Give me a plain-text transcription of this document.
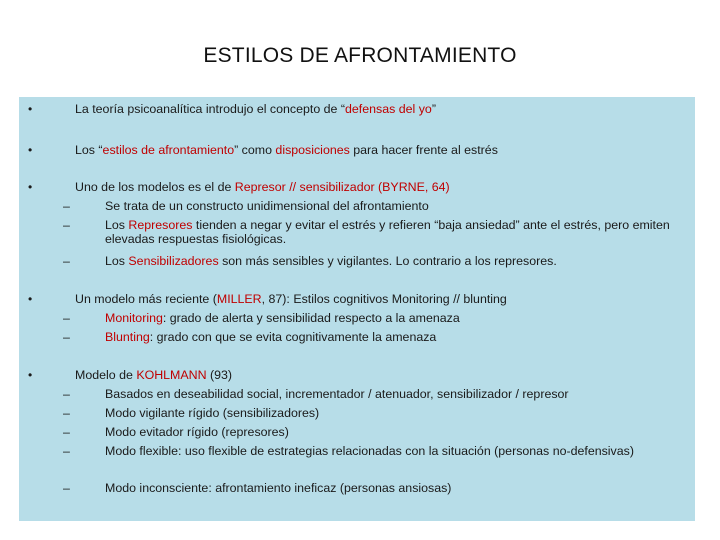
ESTILOS DE AFRONTAMIENTO
•	La teoría psicoanalítica introdujo el concepto de “defensas del yo”
•	Los “estilos de afrontamiento” como disposiciones para hacer frente al estrés
•	Uno de los modelos es el de Represor // sensibilizador (BYRNE, 64)
–	Se trata de un constructo unidimensional del afrontamiento
–	Los Represores tienden a negar y evitar el estrés y refieren “baja ansiedad” ante el estrés, pero emiten elevadas respuestas fisiológicas.
–	Los Sensibilizadores son más sensibles y vigilantes. Lo contrario a los represores.
•	Un modelo más reciente (MILLER, 87): Estilos cognitivos Monitoring // blunting
–	Monitoring: grado de alerta y sensibilidad respecto a la amenaza
–	Blunting: grado con que se evita cognitivamente la amenaza
•	Modelo de KOHLMANN (93)
–	Basados en deseabilidad social, incrementador / atenuador, sensibilizador / represor
–	Modo vigilante rígido (sensibilizadores)
–	Modo evitador rígido (represores)
–	Modo flexible: uso flexible de estrategias relacionadas con la situación (personas no-defensivas)
–	Modo inconsciente: afrontamiento ineficaz (personas ansiosas)
